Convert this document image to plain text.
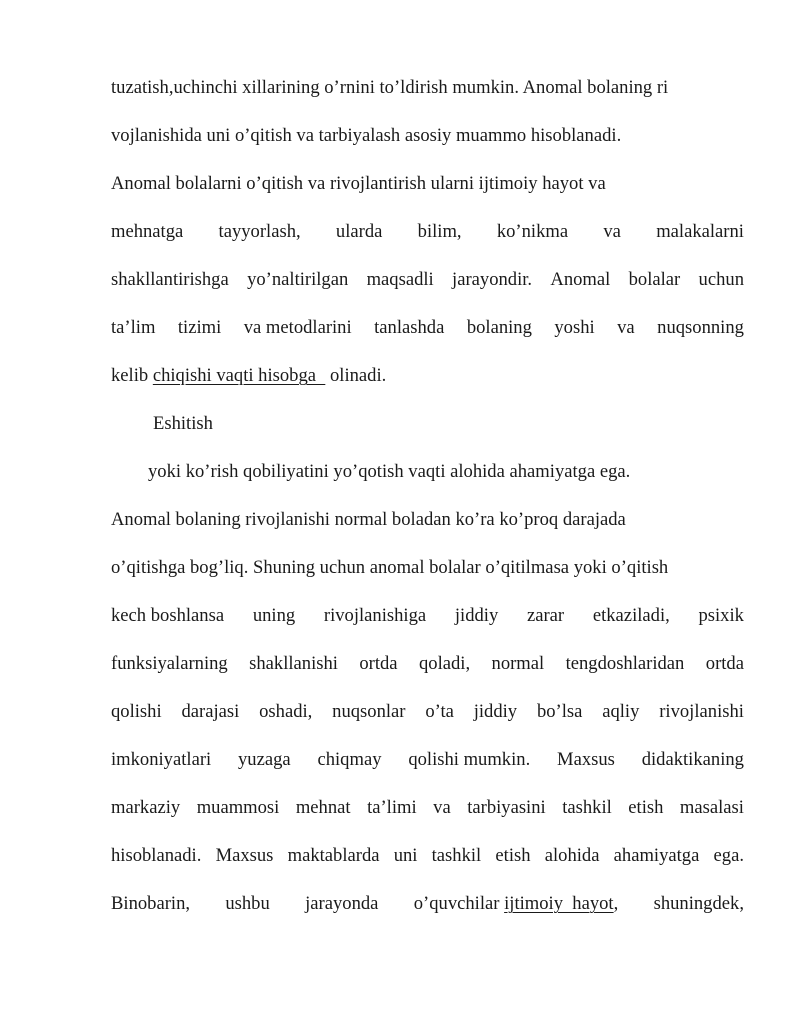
tuzatish,uchinchi xillarining o’rnini to’ldirish mumkin. Anomal bolaning ri
vojlanishida uni o’qitish va tarbiyalash asosiy muammo hisoblanadi.
Anomal bolalarni o’qitish va rivojlantirish ularni ijtimoiy hayot va
mehnatga tayyorlash, ularda bilim, ko’nikma va malakalarni
shakllantirishga yo’naltirilgan maqsadli jarayondir. Anomal bolalar uchun
ta’lim tizimi va metodlarini tanlashda bolaning yoshi va nuqsonning
kelib chiqishi vaqti hisobga   olinadi.
Eshitish
yoki ko’rish qobiliyatini yo’qotish vaqti alohida ahamiyatga ega.
Anomal bolaning rivojlanishi normal boladan ko’ra ko’proq darajada
o’qitishga bog’liq. Shuning uchun anomal bolalar o’qitilmasa yoki o’qitish
kech boshlansa uning rivojlanishiga jiddiy zarar etkaziladi, psixik
funksiyalarning shakllanishi ortda qoladi, normal tengdoshlaridan ortda
qolishi darajasi oshadi, nuqsonlar o’ta jiddiy bo’lsa aqliy rivojlanishi
imkoniyatlari yuzaga chiqmay qolishi mumkin. Maxsus didaktikaning
markaziy muammosi mehnat ta’limi va tarbiyasini tashkil etish masalasi
hisoblanadi. Maxsus maktablarda uni tashkil etish alohida ahamiyatga ega.
Binobarin, ushbu jarayonda o’quvchilar ijtimoiy  hayot, shuningdek,
